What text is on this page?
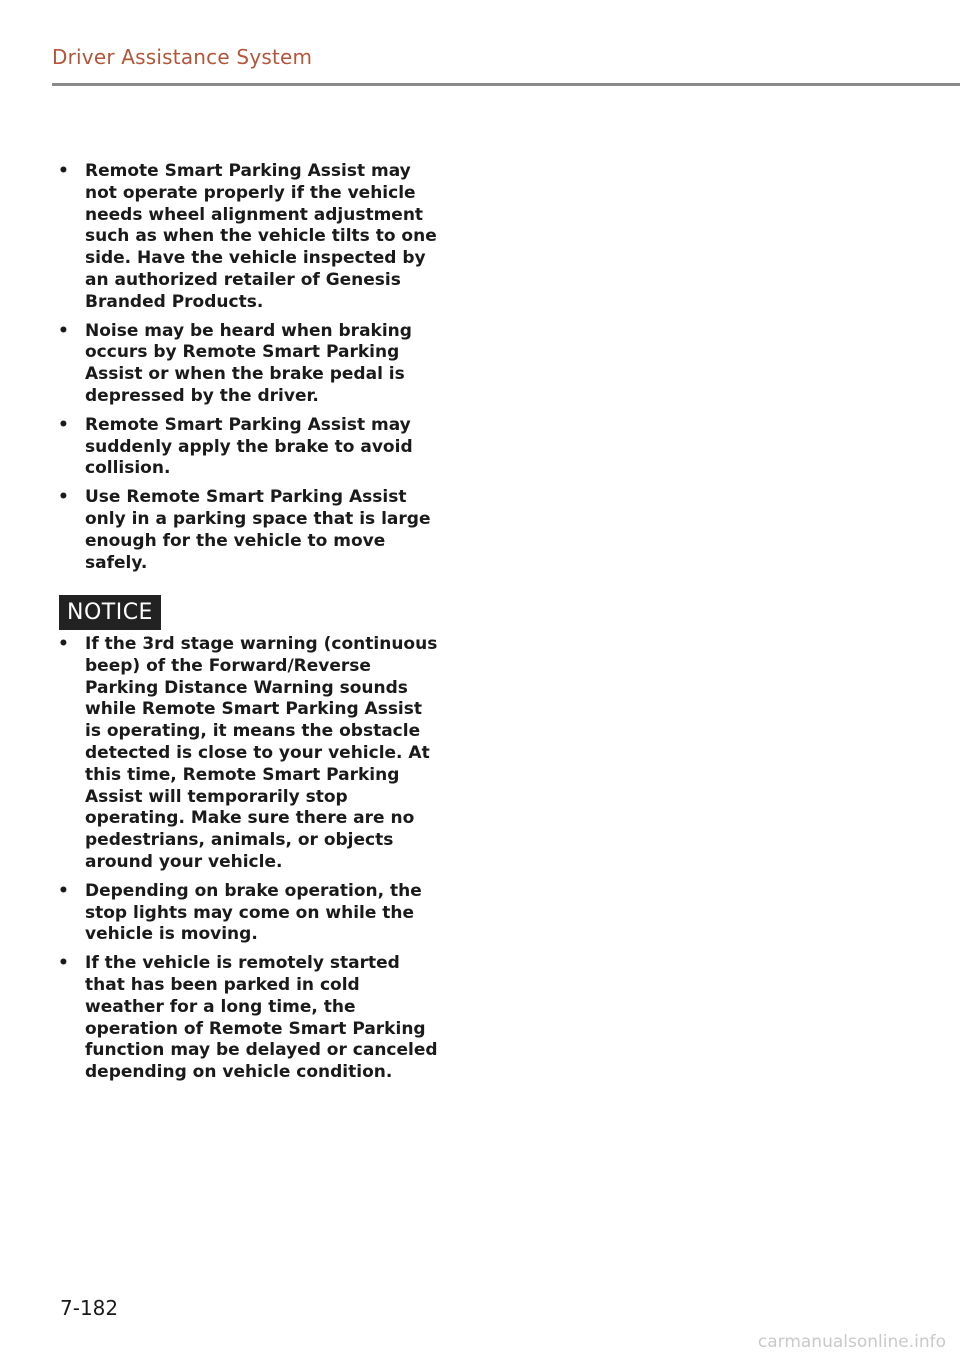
Driver Assistance System
• Remote Smart Parking Assist may not operate properly if the vehicle needs wheel alignment adjustment such as when the vehicle tilts to one side. Have the vehicle inspected by an authorized retailer of Genesis Branded Products.
• Noise may be heard when braking occurs by Remote Smart Parking Assist or when the brake pedal is depressed by the driver.
• Remote Smart Parking Assist may suddenly apply the brake to avoid collision.
• Use Remote Smart Parking Assist only in a parking space that is large enough for the vehicle to move safely.
NOTICE
• If the 3rd stage warning (continuous beep) of the Forward/Reverse Parking Distance Warning sounds while Remote Smart Parking Assist is operating, it means the obstacle detected is close to your vehicle. At this time, Remote Smart Parking Assist will temporarily stop operating. Make sure there are no pedestrians, animals, or objects around your vehicle.
• Depending on brake operation, the stop lights may come on while the vehicle is moving.
• If the vehicle is remotely started that has been parked in cold weather for a long time, the operation of Remote Smart Parking function may be delayed or canceled depending on vehicle condition.
7-182
carmanualsonline.info
